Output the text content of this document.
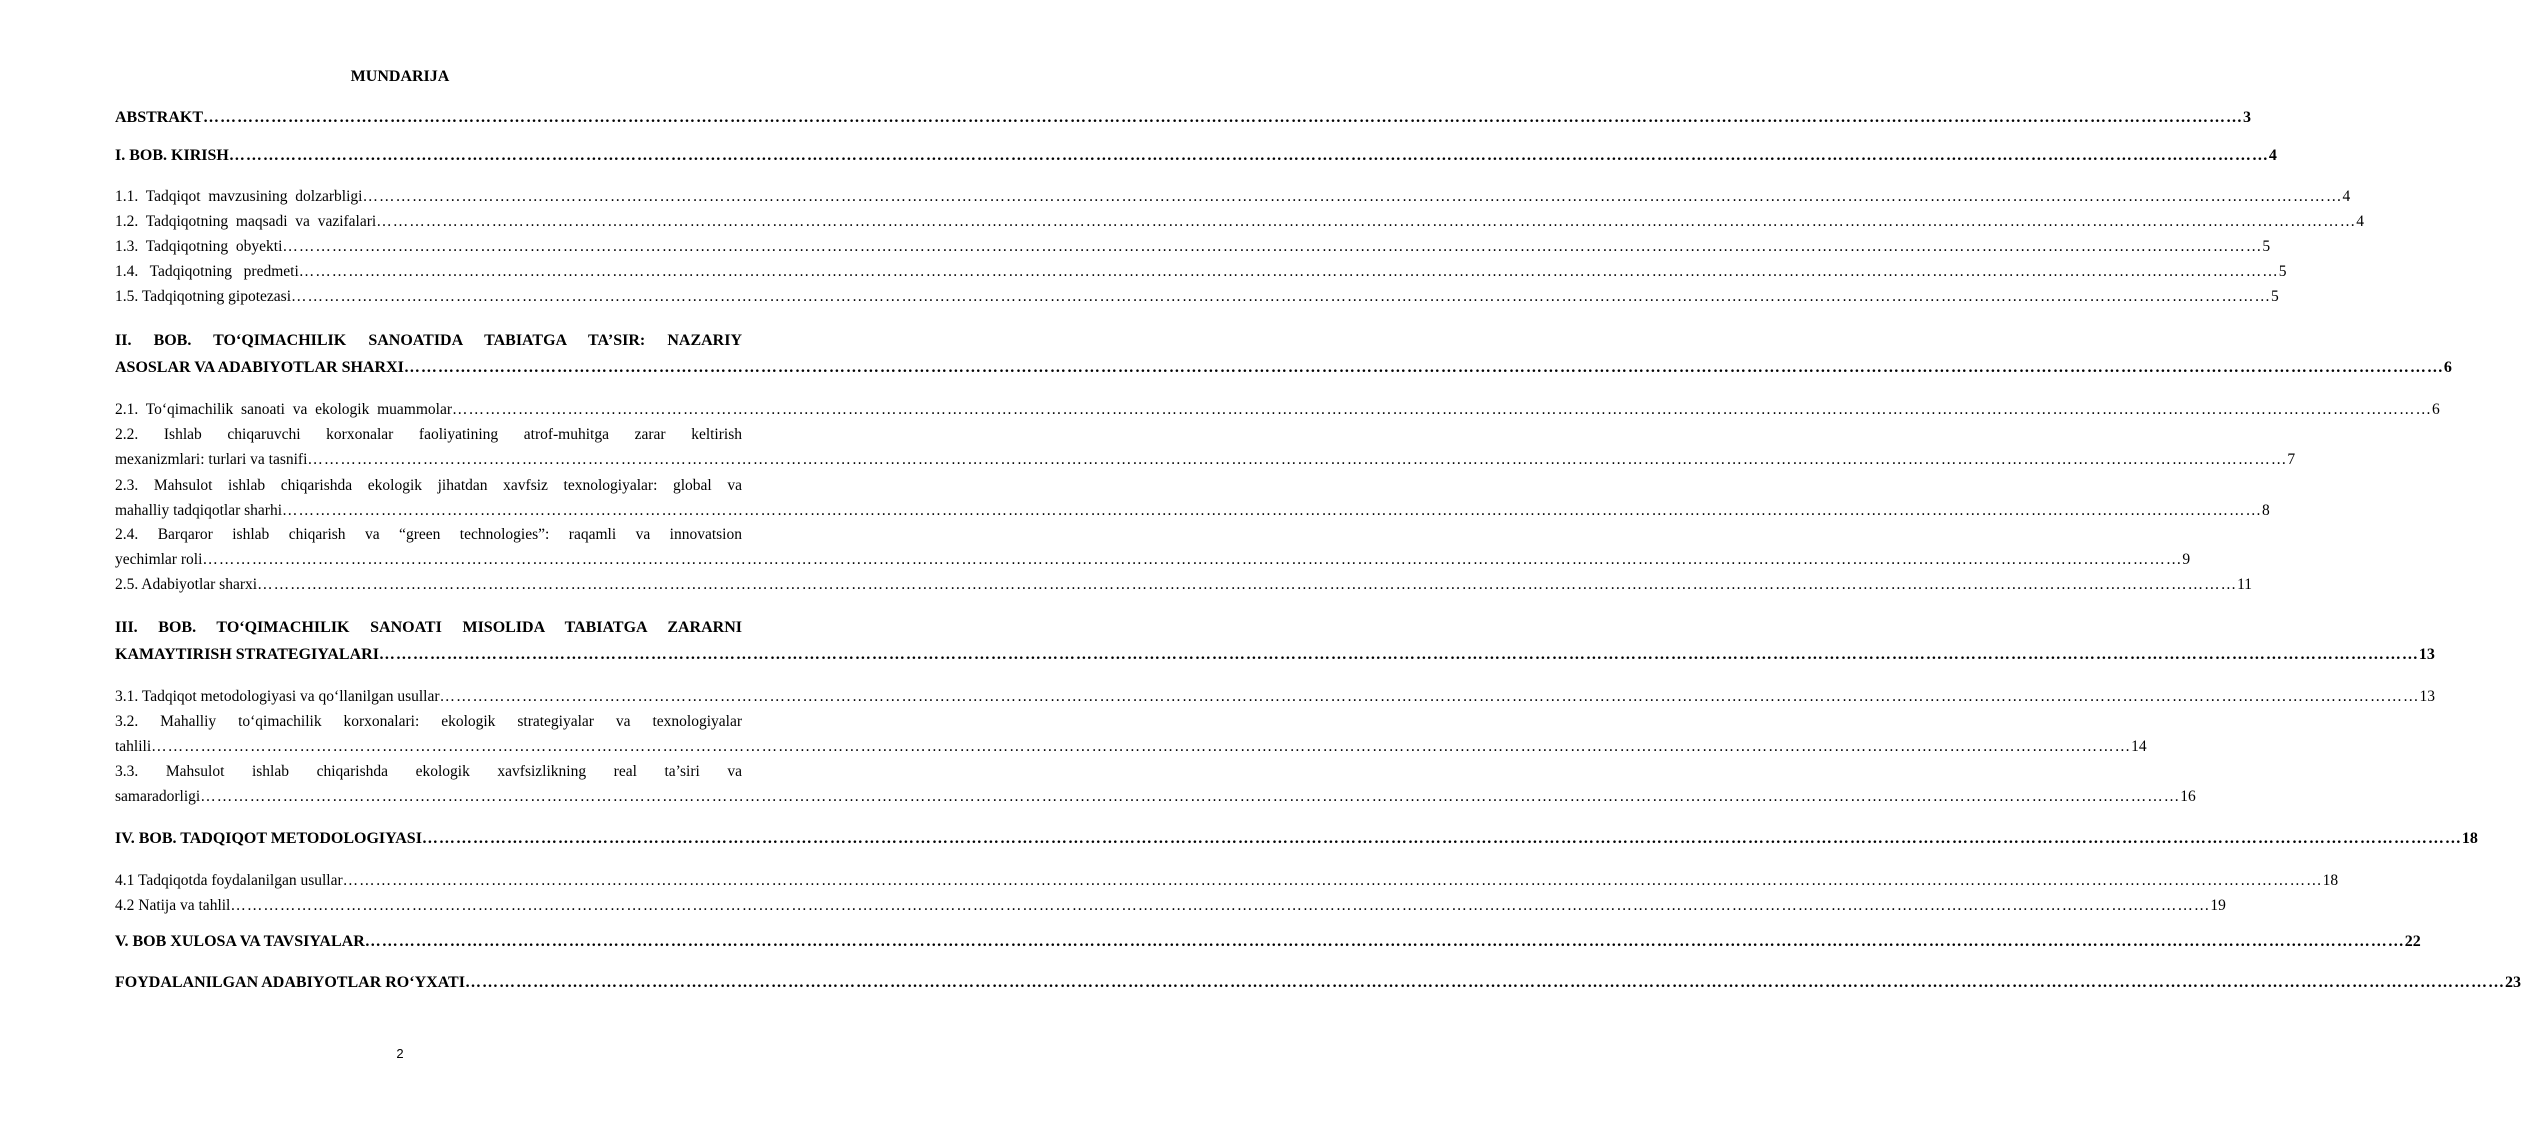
MUNDARIJA
ABSTRAKT ……………………………………………………………………………………………………………………………………………………………………………………………………………………………………………………………………………………………………………………………… 3
I. BOB. KIRISH ……………………………………………………………………………………………………………………………………………………………………………………………………………………………………………………………………………………………………………………………… 4
1.1.  Tadqiqot  mavzusining  dolzarbligi ……………………………………………………………………………………………………………………………………………………………………………………………………………………………………………………………………………………………………………………………… 4
1.2.  Tadqiqotning  maqsadi  va  vazifalari ……………………………………………………………………………………………………………………………………………………………………………………………………………………………………………………………………………………………………………………………… 4
1.3.  Tadqiqotning  obyekti ……………………………………………………………………………………………………………………………………………………………………………………………………………………………………………………………………………………………………………………………… 5
1.4.   Tadqiqotning   predmeti ……………………………………………………………………………………………………………………………………………………………………………………………………………………………………………………………………………………………………………………………… 5
1.5. Tadqiqotning gipotezasi ……………………………………………………………………………………………………………………………………………………………………………………………………………………………………………………………………………………………………………………………… 5
II. BOB. TO‘QIMACHILIK SANOATIDA TABIATGA TA’SIR: NAZARIY
ASOSLAR VA ADABIYOTLAR SHARXI ……………………………………………………………………………………………………………………………………………………………………………………………………………………………………………………………………………………………………………………………… 6
2.1.  To‘qimachilik  sanoati  va  ekologik  muammolar ……………………………………………………………………………………………………………………………………………………………………………………………………………………………………………………………………………………………………………………………… 6
2.2. Ishlab chiqaruvchi korxonalar faoliyatining atrof-muhitga zarar keltirish
mexanizmlari: turlari va tasnifi ……………………………………………………………………………………………………………………………………………………………………………………………………………………………………………………………………………………………………………………………… 7
2.3. Mahsulot ishlab chiqarishda ekologik jihatdan xavfsiz texnologiyalar: global va
mahalliy tadqiqotlar sharhi ……………………………………………………………………………………………………………………………………………………………………………………………………………………………………………………………………………………………………………………………… 8
2.4. Barqaror ishlab chiqarish va “green technologies”: raqamli va innovatsion
yechimlar roli ……………………………………………………………………………………………………………………………………………………………………………………………………………………………………………………………………………………………………………………………… 9
2.5. Adabiyotlar sharxi ……………………………………………………………………………………………………………………………………………………………………………………………………………………………………………………………………………………………………………………………… 11
III. BOB. TO‘QIMACHILIK SANOATI MISOLIDA TABIATGA ZARARNI
KAMAYTIRISH STRATEGIYALARI ……………………………………………………………………………………………………………………………………………………………………………………………………………………………………………………………………………………………………………………………… 13
3.1. Tadqiqot metodologiyasi va qo‘llanilgan usullar ……………………………………………………………………………………………………………………………………………………………………………………………………………………………………………………………………………………………………………………………… 13
3.2. Mahalliy to‘qimachilik korxonalari: ekologik strategiyalar va texnologiyalar
tahlili ……………………………………………………………………………………………………………………………………………………………………………………………………………………………………………………………………………………………………………………………… 14
3.3. Mahsulot ishlab chiqarishda ekologik xavfsizlikning real ta’siri va
samaradorligi ……………………………………………………………………………………………………………………………………………………………………………………………………………………………………………………………………………………………………………………………… 16
IV. BOB. TADQIQOT METODOLOGIYASI ……………………………………………………………………………………………………………………………………………………………………………………………………………………………………………………………………………………………………………………………… 18
4.1 Tadqiqotda foydalanilgan usullar ……………………………………………………………………………………………………………………………………………………………………………………………………………………………………………………………………………………………………………………………… 18
4.2 Natija va tahlil ……………………………………………………………………………………………………………………………………………………………………………………………………………………………………………………………………………………………………………………………… 19
V. BOB XULOSA VA TAVSIYALAR ……………………………………………………………………………………………………………………………………………………………………………………………………………………………………………………………………………………………………………………………… 22
FOYDALANILGAN ADABIYOTLAR RO‘YXATI ……………………………………………………………………………………………………………………………………………………………………………………………………………………………………………………………………………………………………………………………… 23
2
